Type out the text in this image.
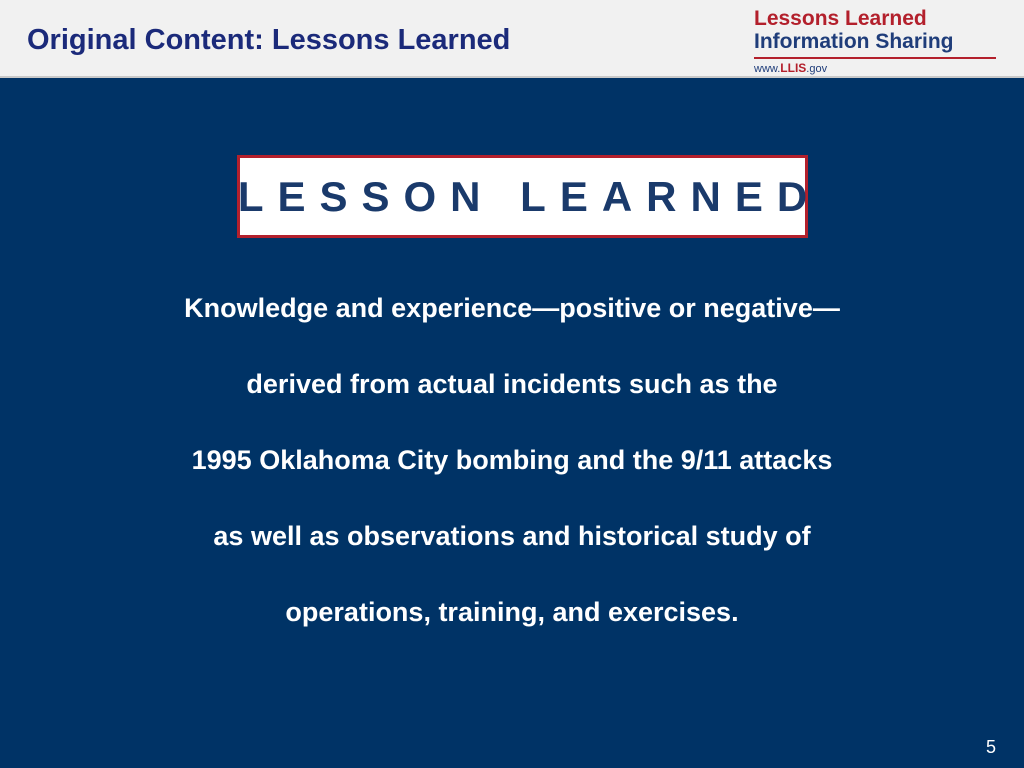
Original Content: Lessons Learned
Lessons Learned
Information Sharing
www.LLIS.gov
LESSON LEARNED
Knowledge and experience—positive or negative—
derived from actual incidents such as the
1995 Oklahoma City bombing and the 9/11 attacks
as well as observations and historical study of
operations, training, and exercises.
5
